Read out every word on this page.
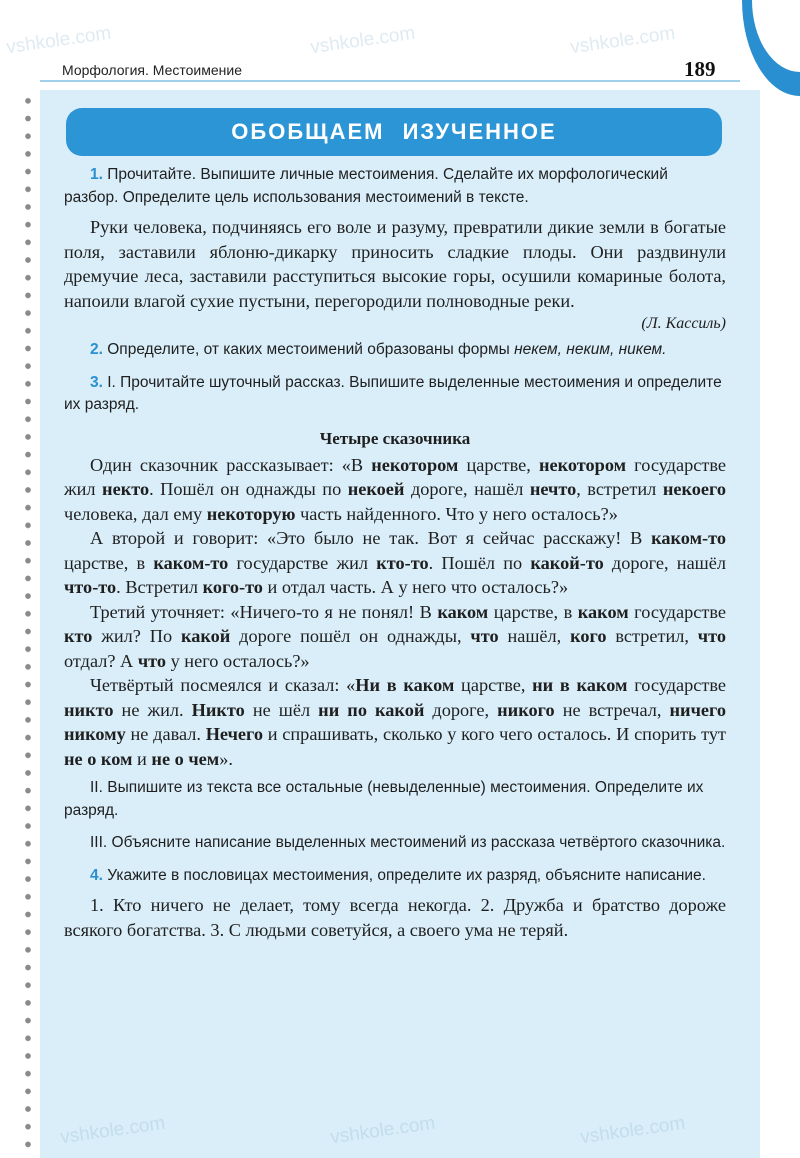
vshkole.com	vshkole.com	vshkole.com
vshkole.com	vshkole.com	vshkole.com
Морфология. Местоимение	189
ОБОБЩАЕМ ИЗУЧЕННОЕ

1. Прочитайте. Выпишите личные местоимения. Сделайте их морфологический разбор. Определите цель использования местоимений в тексте.

Руки человека, подчиняясь его воле и разуму, превратили дикие земли в богатые поля, заставили яблоню-дикарку приносить сладкие плоды. Они раздвинули дремучие леса, заставили расступиться высокие горы, осушили комариные болота, напоили влагой сухие пустыни, перегородили полноводные реки.

(Л. Кассиль)

2. Определите, от каких местоимений образованы формы некем, неким, никем.

3. I. Прочитайте шуточный рассказ. Выпишите выделенные местоимения и определите их разряд.

Четыре сказочника

Один сказочник рассказывает: «В некотором царстве, некотором государстве жил некто. Пошёл он однажды по некоей дороге, нашёл нечто, встретил некоего человека, дал ему некоторую часть найденного. Что у него осталось?»

А второй и говорит: «Это было не так. Вот я сейчас расскажу! В каком-то царстве, в каком-то государстве жил кто-то. Пошёл по какой-то дороге, нашёл что-то. Встретил кого-то и отдал часть. А у него что осталось?»

Третий уточняет: «Ничего-то я не понял! В каком царстве, в каком государстве кто жил? По какой дороге пошёл он однажды, что нашёл, кого встретил, что отдал? А что у него осталось?»

Четвёртый посмеялся и сказал: «Ни в каком царстве, ни в каком государстве никто не жил. Никто не шёл ни по какой дороге, никого не встречал, ничего никому не давал. Нечего и спрашивать, сколько у кого чего осталось. И спорить тут не о ком и не о чем».

II. Выпишите из текста все остальные (невыделенные) местоимения. Определите их разряд.

III. Объясните написание выделенных местоимений из рассказа четвёртого сказочника.

4. Укажите в пословицах местоимения, определите их разряд, объясните написание.

1. Кто ничего не делает, тому всегда некогда. 2. Дружба и братство дороже всякого богатства. 3. С людьми советуйся, а своего ума не теряй.
